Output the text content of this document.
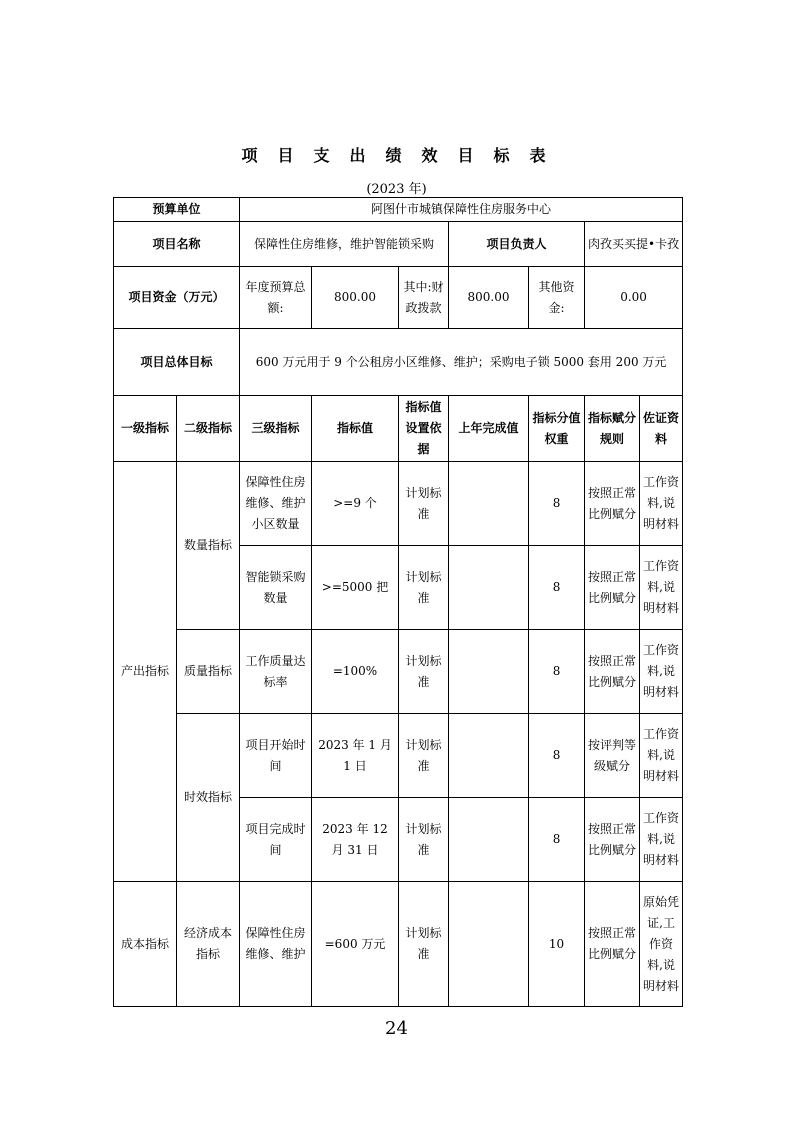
项目支出绩效目标表
(2023 年)
预算单位		阿图什市城镇保障性住房服务中心						
项目名称		保障性住房维修，维护智能锁采购			项目负责人		肉孜买买提•卡孜	
项目资金（万元）		年度预算总额:	800.00	其中:财政拨款	800.00	其他资金:	0.00	
项目总体目标		600 万元用于 9 个公租房小区维修、维护；采购电子锁 5000 套用 200 万元						
一级指标	二级指标	三级指标	指标值	指标值设置依据	上年完成值	指标分值权重	指标赋分规则	佐证资料
产出指标	数量指标	保障性住房维修、维护小区数量	>=9 个	计划标准		8	按照正常比例赋分	工作资料,说明材料
		智能锁采购数量	>=5000 把	计划标准		8	按照正常比例赋分	工作资料,说明材料
	质量指标	工作质量达标率	=100%	计划标准		8	按照正常比例赋分	工作资料,说明材料
	时效指标	项目开始时间	2023 年 1 月 1 日	计划标准		8	按评判等级赋分	工作资料,说明材料
		项目完成时间	2023 年 12 月 31 日	计划标准		8	按照正常比例赋分	工作资料,说明材料
成本指标	经济成本指标	保障性住房维修、维护	=600 万元	计划标准		10	按照正常比例赋分	原始凭证,工作资料,说明材料
24
